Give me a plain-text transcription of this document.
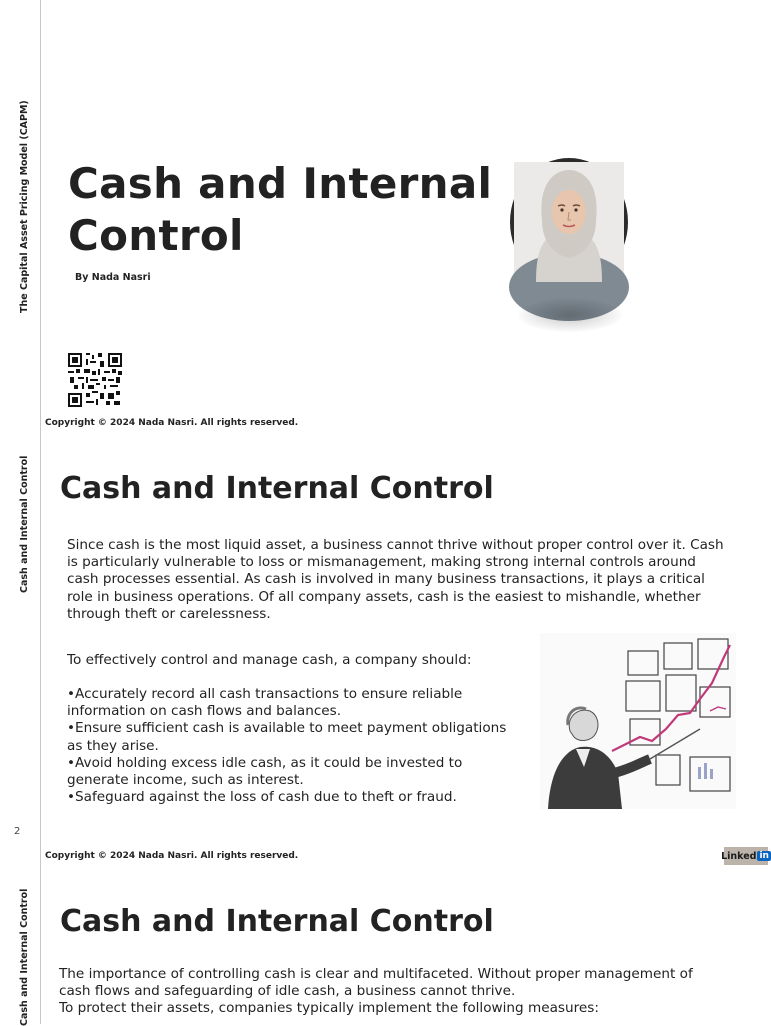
The Capital Asset Pricing Model (CAPM) Cash and Internal Control
By Nada Nasri
Copyright © 2024 Nada Nasri. All rights reserved.
Cash and Internal Control Cash and Internal Control

Since cash is the most liquid asset, a business cannot thrive without proper control over it. Cash is particularly vulnerable to loss or mismanagement, making strong internal controls around cash processes essential. As cash is involved in many business transactions, it plays a critical role in business operations. Of all company assets, cash is the easiest to mishandle, whether through theft or carelessness.

To effectively control and manage cash, a company should:

•Accurately record all cash transactions to ensure reliable information on cash flows and balances.
•Ensure sufficient cash is available to meet payment obligations as they arise.
•Avoid holding excess idle cash, as it could be invested to generate income, such as interest.
•Safeguard against the loss of cash due to theft or fraud.
2
Copyright © 2024 Nada Nasri. All rights reserved.	Linked in
Cash and Internal Control Cash and Internal Control

The importance of controlling cash is clear and multifaceted. Without proper management of cash flows and safeguarding of idle cash, a business cannot thrive.

To protect their assets, companies typically implement the following measures:
